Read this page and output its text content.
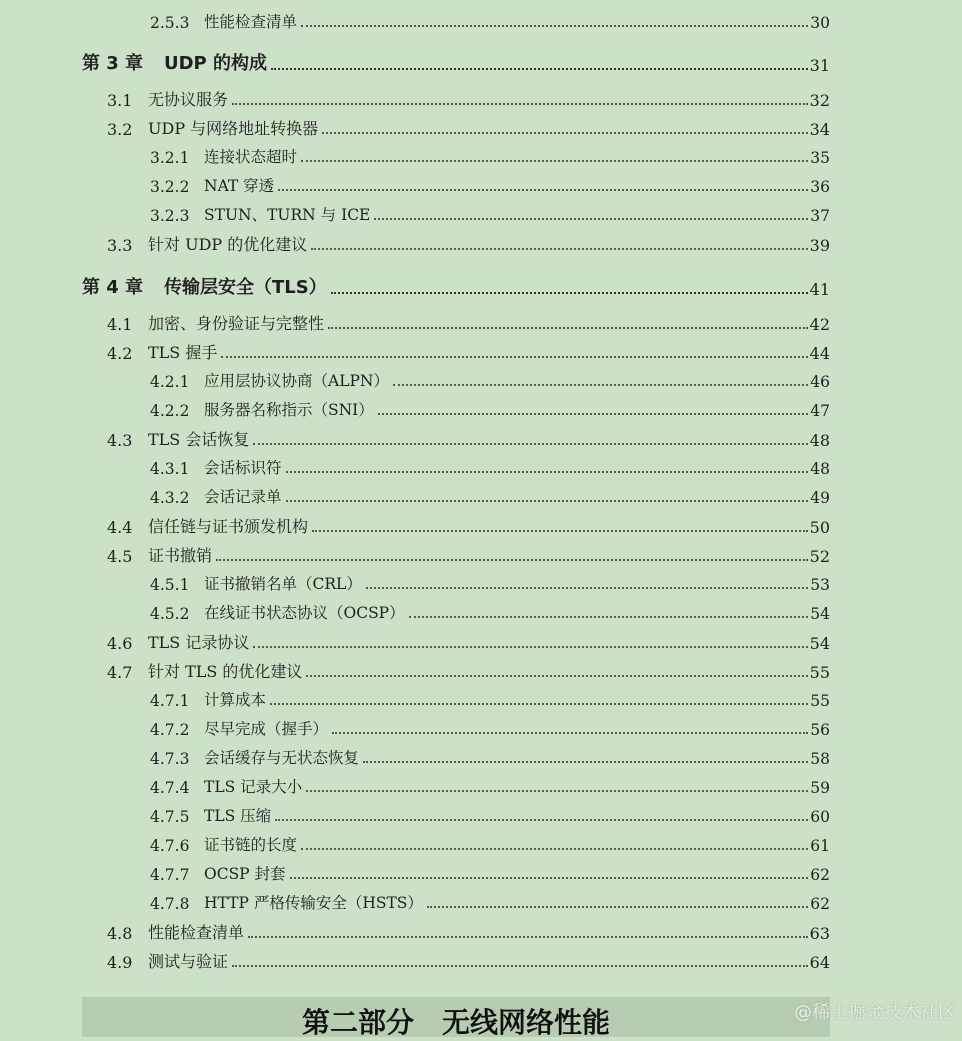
2.5.3 性能检查清单	30
第 3 章	UDP 的构成	31
3.1 无协议服务	32
3.2 UDP 与网络地址转换器	34
3.2.1 连接状态超时	35
3.2.2 NAT 穿透	36
3.2.3 STUN、TURN 与 ICE	37
3.3 针对 UDP 的优化建议	39
第 4 章	传输层安全（TLS）	41
4.1 加密、身份验证与完整性	42
4.2 TLS 握手	44
4.2.1 应用层协议协商（ALPN）	46
4.2.2 服务器名称指示（SNI）	47
4.3 TLS 会话恢复	48
4.3.1 会话标识符	48
4.3.2 会话记录单	49
4.4 信任链与证书颁发机构	50
4.5 证书撤销	52
4.5.1 证书撤销名单（CRL）	53
4.5.2 在线证书状态协议（OCSP）	54
4.6 TLS 记录协议	54
4.7 针对 TLS 的优化建议	55
4.7.1 计算成本	55
4.7.2 尽早完成（握手）	56
4.7.3 会话缓存与无状态恢复	58
4.7.4 TLS 记录大小	59
4.7.5 TLS 压缩	60
4.7.6 证书链的长度	61
4.7.7 OCSP 封套	62
4.7.8 HTTP 严格传输安全（HSTS）	62
4.8 性能检查清单	63
4.9 测试与验证	64
第二部分　无线网络性能	@稀土掘金技术社区
